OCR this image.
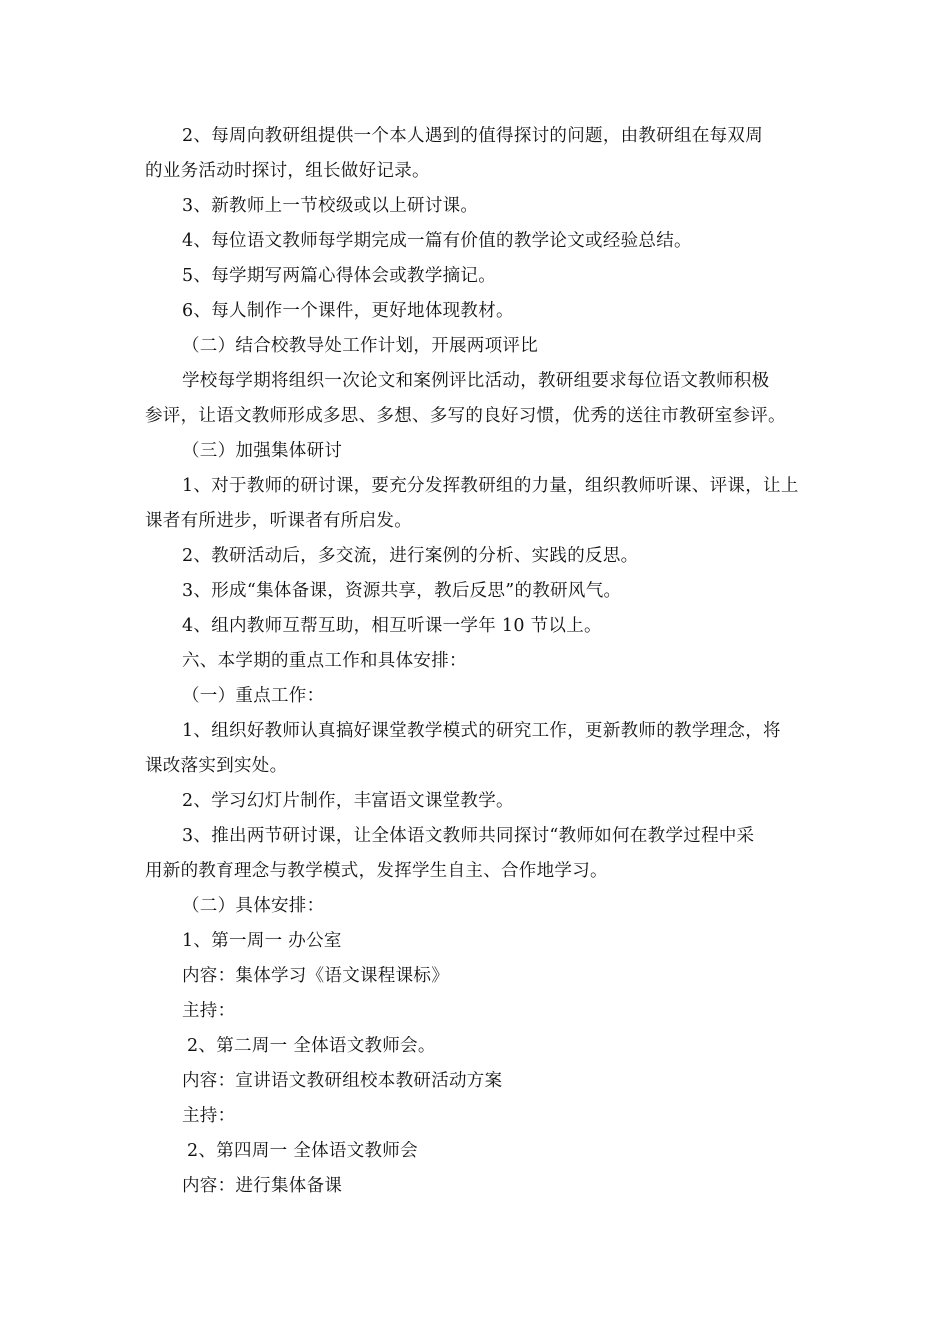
2、每周向教研组提供一个本人遇到的值得探讨的问题，由教研组在每双周
的业务活动时探讨，组长做好记录。
3、新教师上一节校级或以上研讨课。
4、每位语文教师每学期完成一篇有价值的教学论文或经验总结。
5、每学期写两篇心得体会或教学摘记。
6、每人制作一个课件，更好地体现教材。
（二）结合校教导处工作计划，开展两项评比
学校每学期将组织一次论文和案例评比活动，教研组要求每位语文教师积极
参评，让语文教师形成多思、多想、多写的良好习惯，优秀的送往市教研室参评。
（三）加强集体研讨
1、对于教师的研讨课，要充分发挥教研组的力量，组织教师听课、评课，让上
课者有所进步，听课者有所启发。
2、教研活动后，多交流，进行案例的分析、实践的反思。
3、形成“集体备课，资源共享，教后反思”的教研风气。
4、组内教师互帮互助，相互听课一学年 10 节以上。
六、本学期的重点工作和具体安排：
（一）重点工作：
1、组织好教师认真搞好课堂教学模式的研究工作，更新教师的教学理念，将
课改落实到实处。
2、学习幻灯片制作，丰富语文课堂教学。
3、推出两节研讨课，让全体语文教师共同探讨“教师如何在教学过程中采
用新的教育理念与教学模式，发挥学生自主、合作地学习。
（二）具体安排：
1、第一周一 办公室
内容：集体学习《语文课程课标》
主持：
2、第二周一 全体语文教师会。
内容：宣讲语文教研组校本教研活动方案
主持：
2、第四周一 全体语文教师会
内容：进行集体备课
